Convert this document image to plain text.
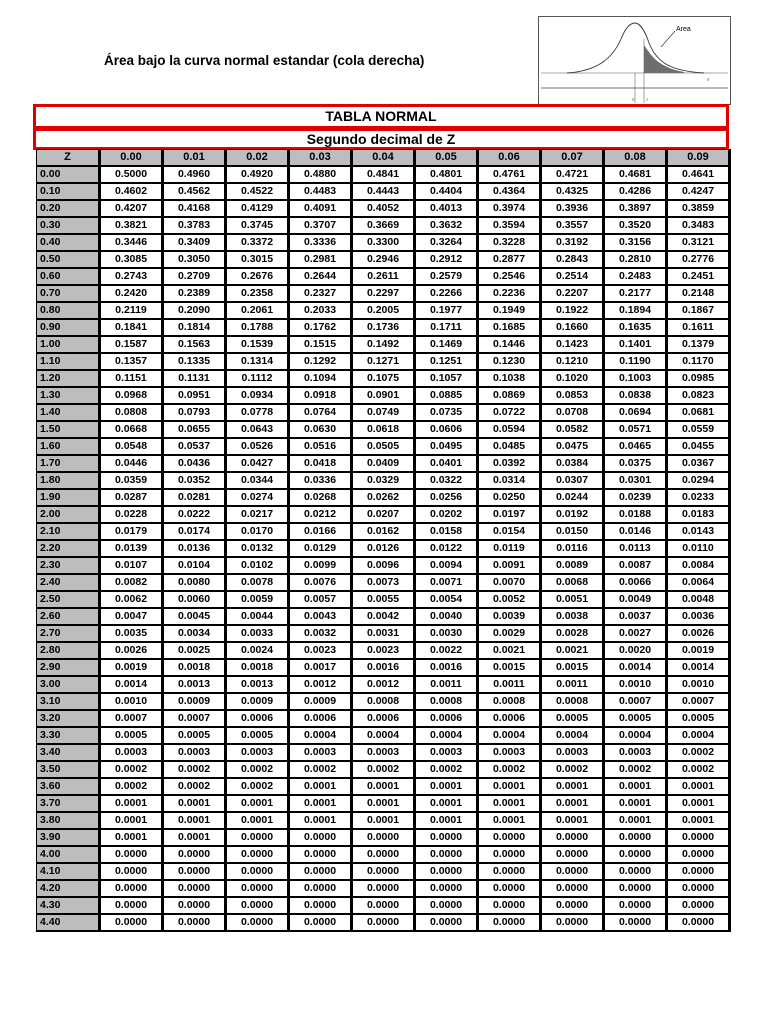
Área bajo la curva normal estandar (cola derecha)
Area
x
0	z
TABLA NORMAL
Segundo decimal de Z
Z	0.00	0.01	0.02	0.03	0.04	0.05	0.06	0.07	0.08	0.09
0.00	0.5000	0.4960	0.4920	0.4880	0.4841	0.4801	0.4761	0.4721	0.4681	0.4641
0.10	0.4602	0.4562	0.4522	0.4483	0.4443	0.4404	0.4364	0.4325	0.4286	0.4247
0.20	0.4207	0.4168	0.4129	0.4091	0.4052	0.4013	0.3974	0.3936	0.3897	0.3859
0.30	0.3821	0.3783	0.3745	0.3707	0.3669	0.3632	0.3594	0.3557	0.3520	0.3483
0.40	0.3446	0.3409	0.3372	0.3336	0.3300	0.3264	0.3228	0.3192	0.3156	0.3121
0.50	0.3085	0.3050	0.3015	0.2981	0.2946	0.2912	0.2877	0.2843	0.2810	0.2776
0.60	0.2743	0.2709	0.2676	0.2644	0.2611	0.2579	0.2546	0.2514	0.2483	0.2451
0.70	0.2420	0.2389	0.2358	0.2327	0.2297	0.2266	0.2236	0.2207	0.2177	0.2148
0.80	0.2119	0.2090	0.2061	0.2033	0.2005	0.1977	0.1949	0.1922	0.1894	0.1867
0.90	0.1841	0.1814	0.1788	0.1762	0.1736	0.1711	0.1685	0.1660	0.1635	0.1611
1.00	0.1587	0.1563	0.1539	0.1515	0.1492	0.1469	0.1446	0.1423	0.1401	0.1379
1.10	0.1357	0.1335	0.1314	0.1292	0.1271	0.1251	0.1230	0.1210	0.1190	0.1170
1.20	0.1151	0.1131	0.1112	0.1094	0.1075	0.1057	0.1038	0.1020	0.1003	0.0985
1.30	0.0968	0.0951	0.0934	0.0918	0.0901	0.0885	0.0869	0.0853	0.0838	0.0823
1.40	0.0808	0.0793	0.0778	0.0764	0.0749	0.0735	0.0722	0.0708	0.0694	0.0681
1.50	0.0668	0.0655	0.0643	0.0630	0.0618	0.0606	0.0594	0.0582	0.0571	0.0559
1.60	0.0548	0.0537	0.0526	0.0516	0.0505	0.0495	0.0485	0.0475	0.0465	0.0455
1.70	0.0446	0.0436	0.0427	0.0418	0.0409	0.0401	0.0392	0.0384	0.0375	0.0367
1.80	0.0359	0.0352	0.0344	0.0336	0.0329	0.0322	0.0314	0.0307	0.0301	0.0294
1.90	0.0287	0.0281	0.0274	0.0268	0.0262	0.0256	0.0250	0.0244	0.0239	0.0233
2.00	0.0228	0.0222	0.0217	0.0212	0.0207	0.0202	0.0197	0.0192	0.0188	0.0183
2.10	0.0179	0.0174	0.0170	0.0166	0.0162	0.0158	0.0154	0.0150	0.0146	0.0143
2.20	0.0139	0.0136	0.0132	0.0129	0.0126	0.0122	0.0119	0.0116	0.0113	0.0110
2.30	0.0107	0.0104	0.0102	0.0099	0.0096	0.0094	0.0091	0.0089	0.0087	0.0084
2.40	0.0082	0.0080	0.0078	0.0076	0.0073	0.0071	0.0070	0.0068	0.0066	0.0064
2.50	0.0062	0.0060	0.0059	0.0057	0.0055	0.0054	0.0052	0.0051	0.0049	0.0048
2.60	0.0047	0.0045	0.0044	0.0043	0.0042	0.0040	0.0039	0.0038	0.0037	0.0036
2.70	0.0035	0.0034	0.0033	0.0032	0.0031	0.0030	0.0029	0.0028	0.0027	0.0026
2.80	0.0026	0.0025	0.0024	0.0023	0.0023	0.0022	0.0021	0.0021	0.0020	0.0019
2.90	0.0019	0.0018	0.0018	0.0017	0.0016	0.0016	0.0015	0.0015	0.0014	0.0014
3.00	0.0014	0.0013	0.0013	0.0012	0.0012	0.0011	0.0011	0.0011	0.0010	0.0010
3.10	0.0010	0.0009	0.0009	0.0009	0.0008	0.0008	0.0008	0.0008	0.0007	0.0007
3.20	0.0007	0.0007	0.0006	0.0006	0.0006	0.0006	0.0006	0.0005	0.0005	0.0005
3.30	0.0005	0.0005	0.0005	0.0004	0.0004	0.0004	0.0004	0.0004	0.0004	0.0004
3.40	0.0003	0.0003	0.0003	0.0003	0.0003	0.0003	0.0003	0.0003	0.0003	0.0002
3.50	0.0002	0.0002	0.0002	0.0002	0.0002	0.0002	0.0002	0.0002	0.0002	0.0002
3.60	0.0002	0.0002	0.0002	0.0001	0.0001	0.0001	0.0001	0.0001	0.0001	0.0001
3.70	0.0001	0.0001	0.0001	0.0001	0.0001	0.0001	0.0001	0.0001	0.0001	0.0001
3.80	0.0001	0.0001	0.0001	0.0001	0.0001	0.0001	0.0001	0.0001	0.0001	0.0001
3.90	0.0001	0.0001	0.0000	0.0000	0.0000	0.0000	0.0000	0.0000	0.0000	0.0000
4.00	0.0000	0.0000	0.0000	0.0000	0.0000	0.0000	0.0000	0.0000	0.0000	0.0000
4.10	0.0000	0.0000	0.0000	0.0000	0.0000	0.0000	0.0000	0.0000	0.0000	0.0000
4.20	0.0000	0.0000	0.0000	0.0000	0.0000	0.0000	0.0000	0.0000	0.0000	0.0000
4.30	0.0000	0.0000	0.0000	0.0000	0.0000	0.0000	0.0000	0.0000	0.0000	0.0000
4.40	0.0000	0.0000	0.0000	0.0000	0.0000	0.0000	0.0000	0.0000	0.0000	0.0000
